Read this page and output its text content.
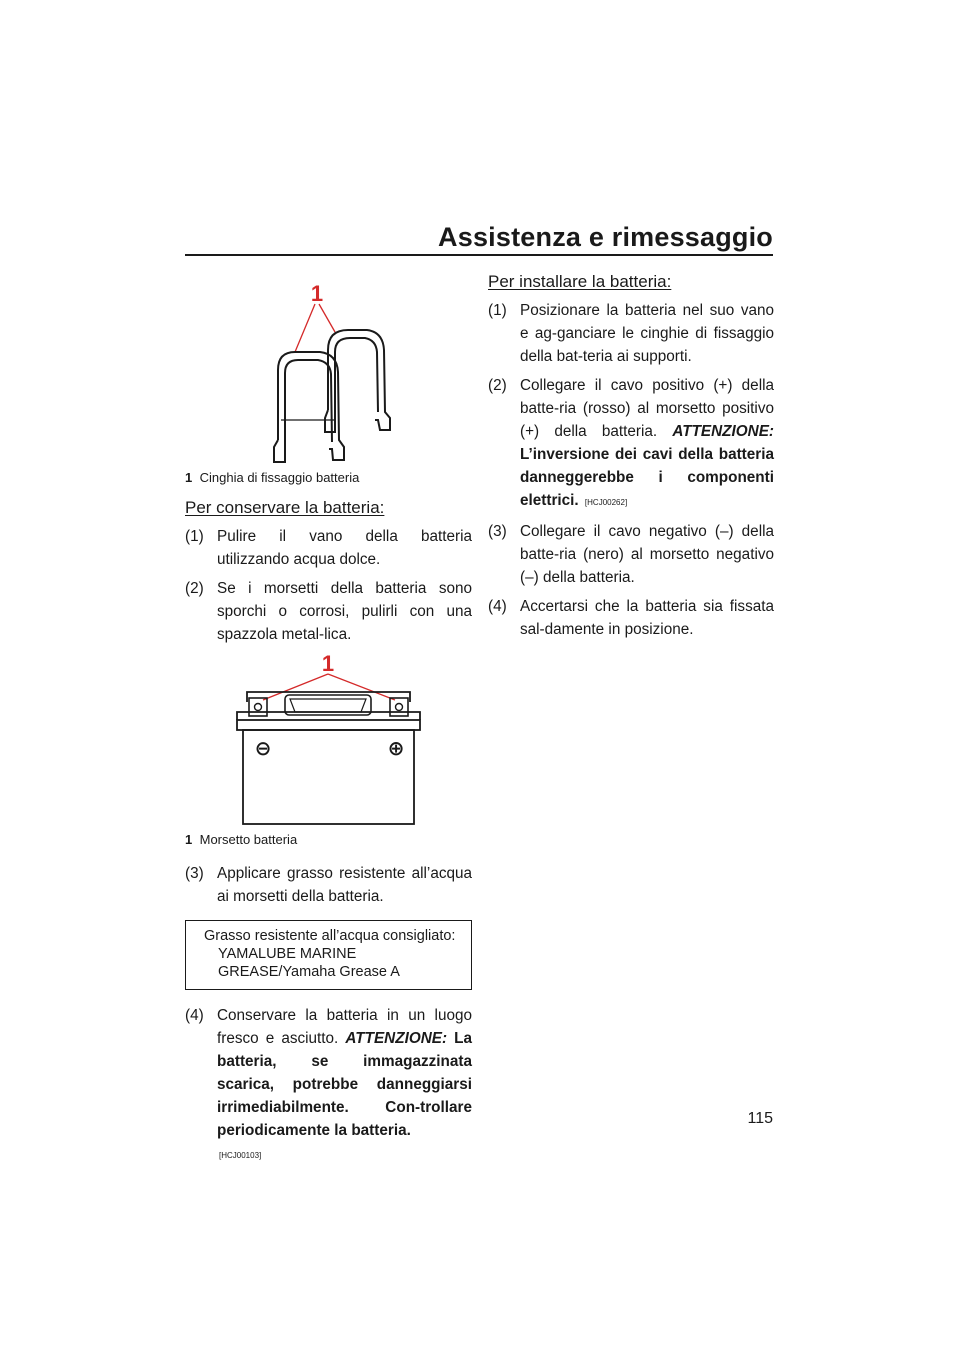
Assistenza e rimessaggio
1
1 Cinghia di fissaggio batteria
Per conservare la batteria:
(1) Pulire il vano della batteria utilizzando acqua dolce.
(2) Se i morsetti della batteria sono sporchi o corrosi, pulirli con una spazzola metal-lica.
1
⊖	⊕
1 Morsetto batteria
(3) Applicare grasso resistente all’acqua ai morsetti della batteria.
Grasso resistente all’acqua consigliato:
YAMALUBE MARINE
GREASE/Yamaha Grease A
(4) Conservare la batteria in un luogo fresco e asciutto. ATTENZIONE: La batteria, se immagazzinata scarica, potrebbe danneggiarsi irrimediabilmente. Con-trollare periodicamente la batteria.
[HCJ00103]
Per installare la batteria:
(1) Posizionare la batteria nel suo vano e ag-ganciare le cinghie di fissaggio della bat-teria ai supporti.
(2) Collegare il cavo positivo (+) della batte-ria (rosso) al morsetto positivo (+) della batteria. ATTENZIONE: L’inversione dei cavi della batteria danneggerebbe i componenti elettrici. [HCJ00262]
(3) Collegare il cavo negativo (–) della batte-ria (nero) al morsetto negativo (–) della batteria.
(4) Accertarsi che la batteria sia fissata sal-damente in posizione.
115
